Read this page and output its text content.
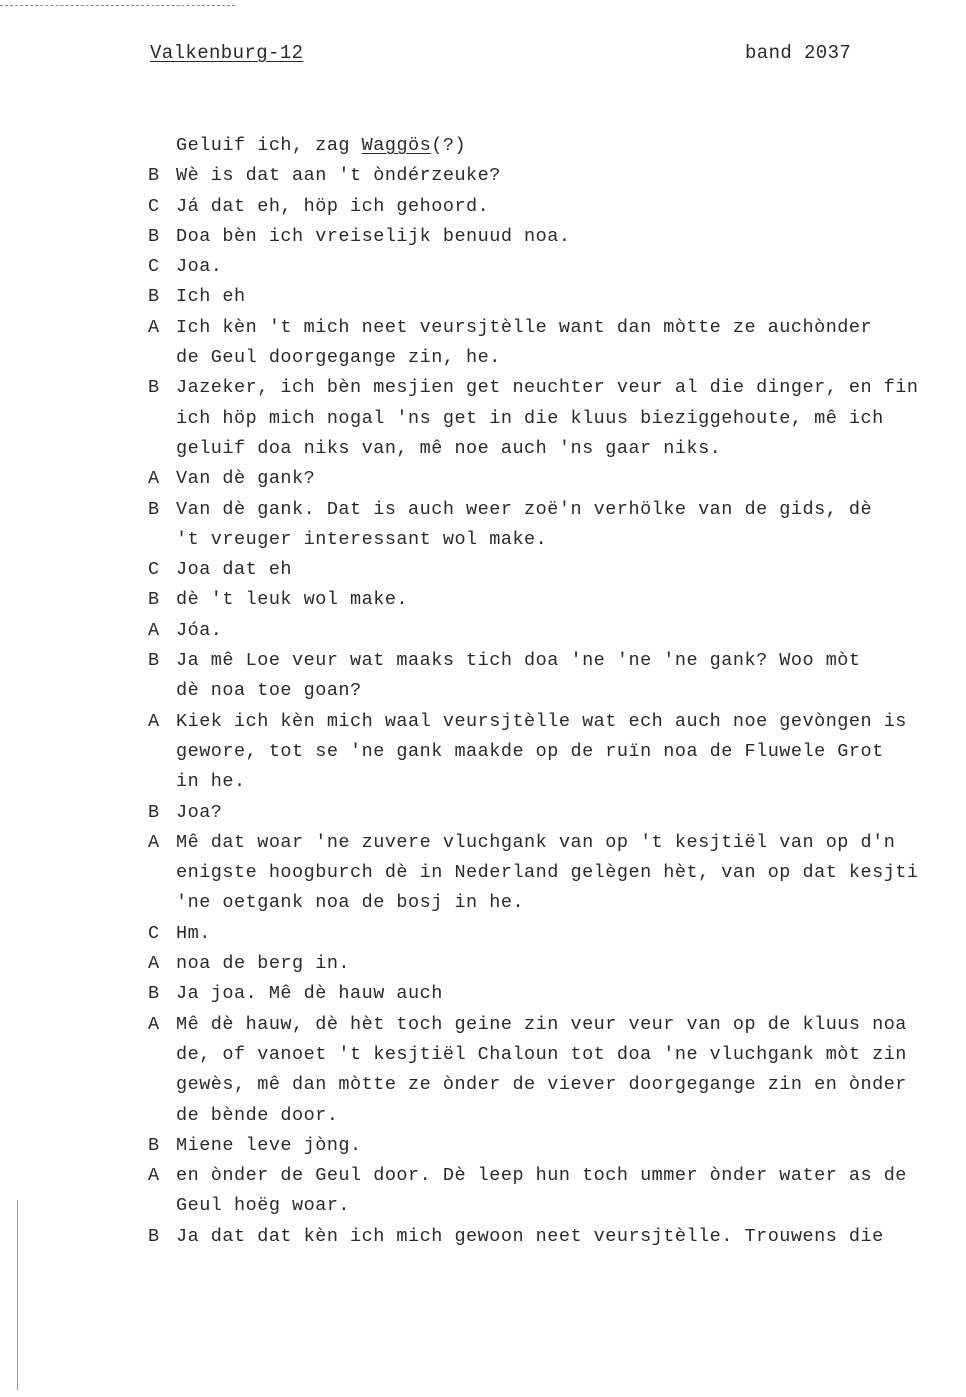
Valkenburg-12	band 2037
Geluif ich, zag Waggös(?)
B Wè is dat aan 't òndérzeuke?
C Já dat eh, höp ich gehoord.
B Doa bèn ich vreiselijk benuud noa.
C Joa.
B Ich eh
A Ich kèn 't mich neet veursjtèlle want dan mòtte ze auchònder
de Geul doorgegange zin, he.
B Jazeker, ich bèn mesjien get neuchter veur al die dinger, en fin
ich höp mich nogal 'ns get in die kluus bieziggehoute, mê ich
geluif doa niks van, mê noe auch 'ns gaar niks.
A Van dè gank?
B Van dè gank. Dat is auch weer zoë'n verhölke van de gids, dè
't vreuger interessant wol make.
C Joa dat eh
B dè 't leuk wol make.
A Jóa.
B Ja mê Loe veur wat maaks tich doa 'ne 'ne 'ne gank? Woo mòt
dè noa toe goan?
A Kiek ich kèn mich waal veursjtèlle wat ech auch noe gevòngen is
gewore, tot se 'ne gank maakde op de ruïn noa de Fluwele Grot
in he.
B Joa?
A Mê dat woar 'ne zuvere vluchgank van op 't kesjtiël van op d'n
enigste hoogburch dè in Nederland gelègen hèt, van op dat kesjti
'ne oetgank noa de bosj in he.
C Hm.
A noa de berg in.
B Ja joa. Mê dè hauw auch
A Mê dè hauw, dè hèt toch geine zin veur veur van op de kluus noa
de, of vanoet 't kesjtiël Chaloun tot doa 'ne vluchgank mòt zin
gewès, mê dan mòtte ze ònder de viever doorgegange zin en ònder
de bènde door.
B Miene leve jòng.
A en ònder de Geul door. Dè leep hun toch ummer ònder water as de
Geul hoëg woar.
B Ja dat dat kèn ich mich gewoon neet veursjtèlle. Trouwens die
